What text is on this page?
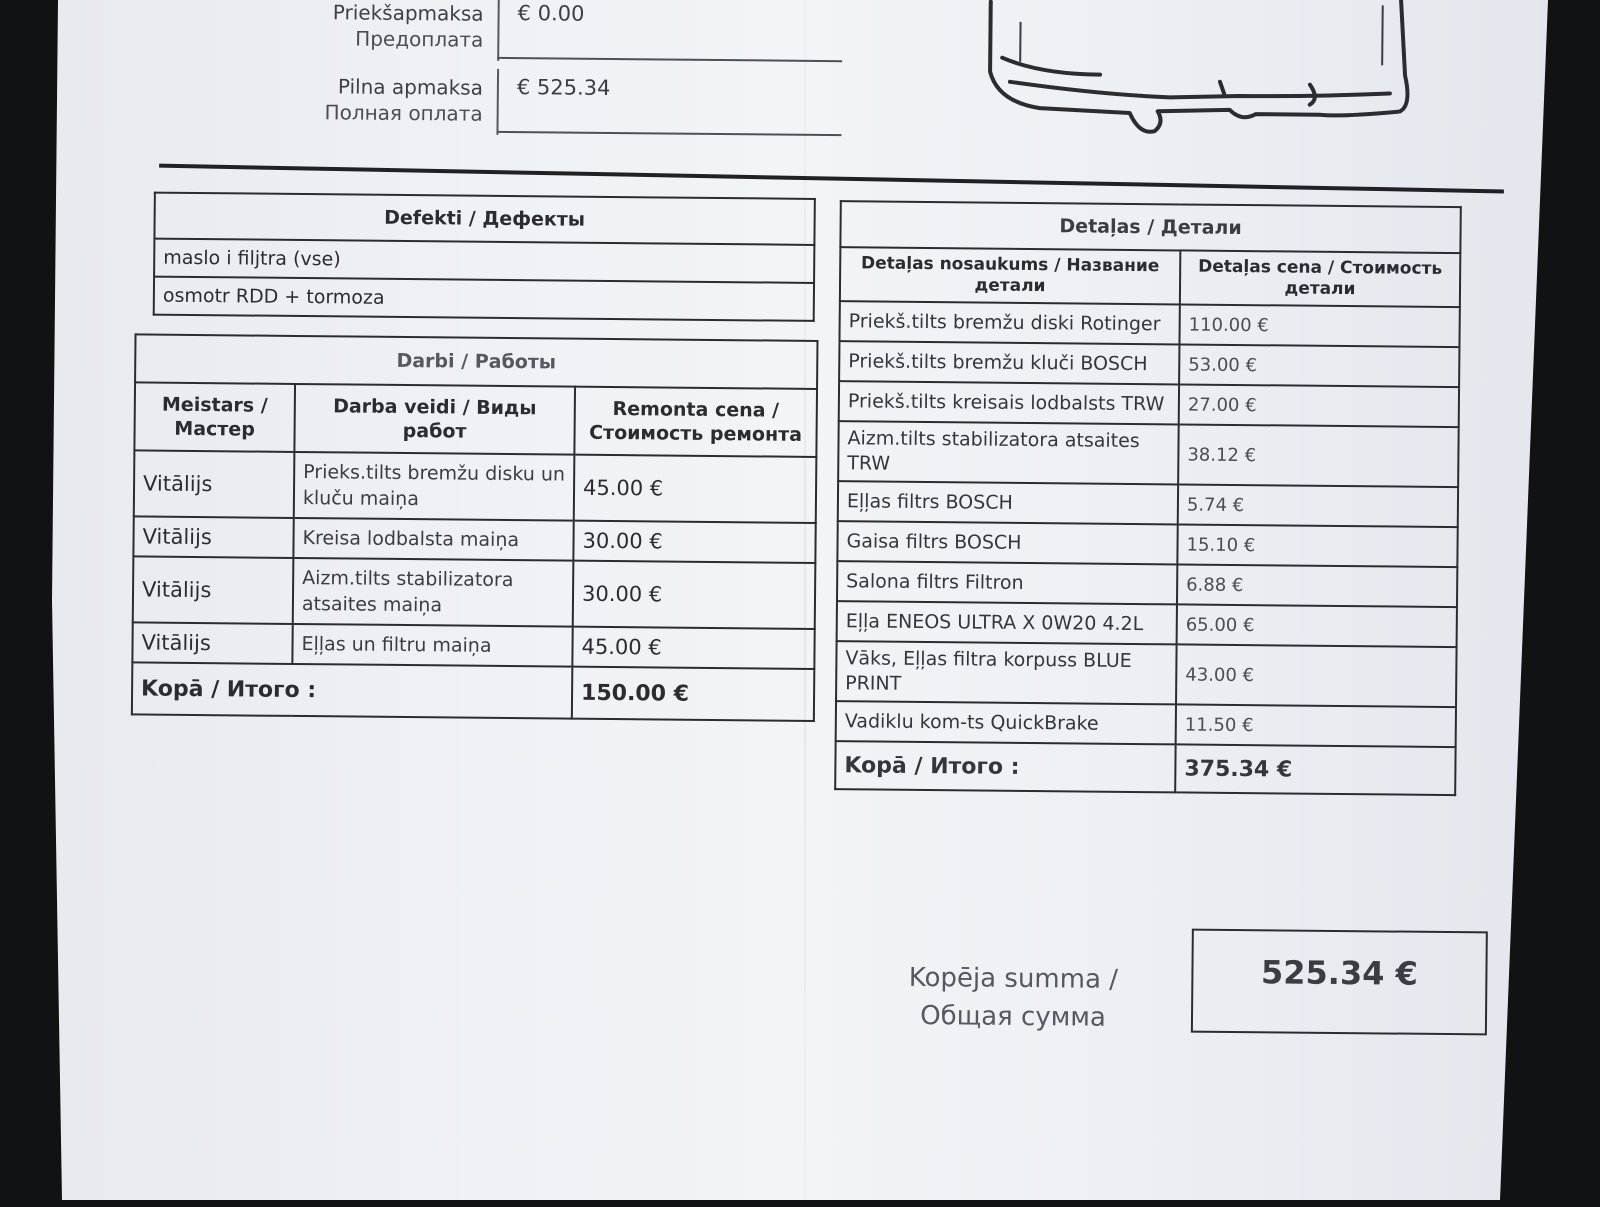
Priekšapmaksa
Предоплата
€ 0.00
Pilna apmaksa
Полная оплата
€ 525.34
Defekti / Дефекты
maslo i filjtra (vse)
osmotr RDD + tormoza
Darbi / Работы		
Meistars / Мастер	Darba veidi / Виды работ	Remonta cena / Стоимость ремонта
Vitālijs	Prieks.tilts bremžu disku un kluču maiņa	45.00 €
Vitālijs	Kreisa lodbalsta maiņa	30.00 €
Vitālijs	Aizm.tilts stabilizatora atsaites maiņa	30.00 €
Vitālijs	Eļļas un filtru maiņa	45.00 €
Kopā / Итого :		150.00 €
Detaļas / Детали	
Detaļas nosaukums / Название детали	Detaļas cena / Стоимость детали
Priekš.tilts bremžu diski Rotinger	110.00 €
Priekš.tilts bremžu kluči BOSCH	53.00 €
Priekš.tilts kreisais lodbalsts TRW	27.00 €
Aizm.tilts stabilizatora atsaites TRW	38.12 €
Eļļas filtrs BOSCH	5.74 €
Gaisa filtrs BOSCH	15.10 €
Salona filtrs Filtron	6.88 €
Eļļa ENEOS ULTRA X 0W20 4.2L	65.00 €
Vāks, Eļļas filtra korpuss BLUE PRINT	43.00 €
Vadiklu kom-ts QuickBrake	11.50 €
Kopā / Итого :	375.34 €
Kopēja summa /
Общая сумма
525.34 €
